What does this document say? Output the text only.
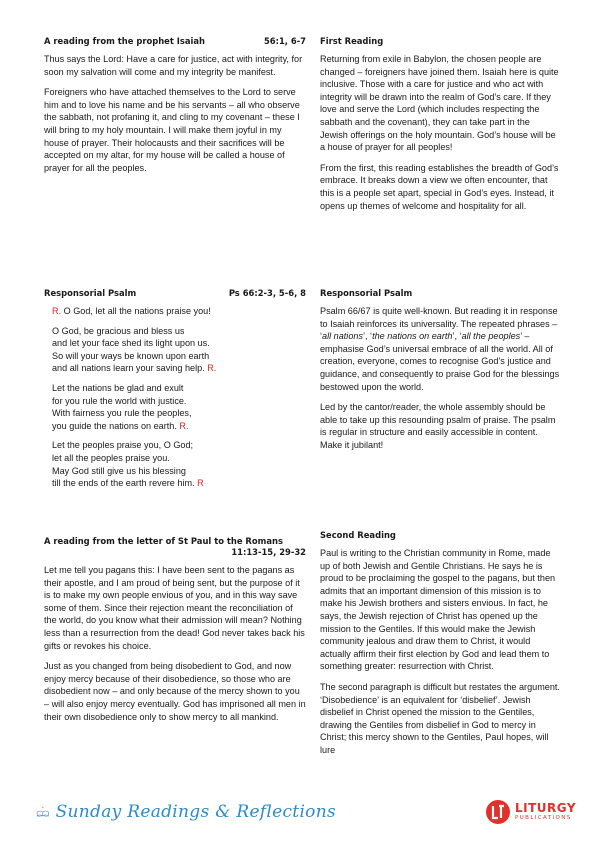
A reading from the prophet Isaiah	56:1, 6-7

Thus says the Lord: Have a care for justice, act with integrity, for soon my salvation will come and my integrity be manifest.

Foreigners who have attached themselves to the Lord to serve him and to love his name and be his servants – all who observe the sabbath, not profaning it, and cling to my covenant – these I will bring to my holy mountain. I will make them joyful in my house of prayer. Their holocausts and their sacrifices will be accepted on my altar, for my house will be called a house of prayer for all the peoples.

First Reading

Returning from exile in Babylon, the chosen people are changed – foreigners have joined them. Isaiah here is quite inclusive. Those with a care for justice and who act with integrity will be drawn into the realm of God’s care. If they love and serve the Lord (which includes respecting the sabbath and the covenant), they can take part in the Jewish offerings on the holy mountain. God’s house will be a house of prayer for all peoples!

From the first, this reading establishes the breadth of God’s embrace. It breaks down a view we often encounter, that this is a people set apart, special in God’s eyes. Instead, it opens up themes of welcome and hospitality for all.

Responsorial Psalm	Ps 66:2-3, 5-6, 8
R. O God, let all the nations praise you!
O God, be gracious and bless us
and let your face shed its light upon us.
So will your ways be known upon earth
and all nations learn your saving help. R.
Let the nations be glad and exult
for you rule the world with justice.
With fairness you rule the peoples,
you guide the nations on earth. R.
Let the peoples praise you, O God;
let all the peoples praise you.
May God still give us his blessing
till the ends of the earth revere him. R
Responsorial Psalm

Psalm 66/67 is quite well-known. But reading it in response to Isaiah reinforces its universality. The repeated phrases – ‘all nations’, ‘the nations on earth’, ‘all the peoples’ – emphasise God’s universal embrace of all the world. All of creation, everyone, comes to recognise God’s justice and guidance, and consequently to praise God for the blessings bestowed upon the world.

Led by the cantor/reader, the whole assembly should be able to take up this resounding psalm of praise. The psalm is regular in structure and easily accessible in content. Make it jubilant!

A reading from the letter of St Paul to the Romans
11:13-15, 29-32

Let me tell you pagans this: I have been sent to the pagans as their apostle, and I am proud of being sent, but the purpose of it is to make my own people envious of you, and in this way save some of them. Since their rejection meant the reconciliation of the world, do you know what their admission will mean? Nothing less than a resurrection from the dead! God never takes back his gifts or revokes his choice.

Just as you changed from being disobedient to God, and now enjoy mercy because of their disobedience, so those who are disobedient now – and only because of the mercy shown to you – will also enjoy mercy eventually. God has imprisoned all men in their own disobedience only to show mercy to all mankind.

Second Reading

Paul is writing to the Christian community in Rome, made up of both Jewish and Gentile Christians. He says he is proud to be proclaiming the gospel to the pagans, but then admits that an important dimension of this mission is to make his Jewish brothers and sisters envious. In fact, he says, the Jewish rejection of Christ has opened up the mission to the Gentiles. If this would make the Jewish community jealous and draw them to Christ, it would actually affirm their first election by God and lead them to something greater: resurrection with Christ.

The second paragraph is difficult but restates the argument. ‘Disobedience’ is an equivalent for ‘disbelief’. Jewish disbelief in Christ opened the mission to the Gentiles, drawing the Gentiles from disbelief in God to mercy in Christ; this mercy shown to the Gentiles, Paul hopes, will lure

Sunday Readings & Reflections	LITURGY
PUBLICATIONS
